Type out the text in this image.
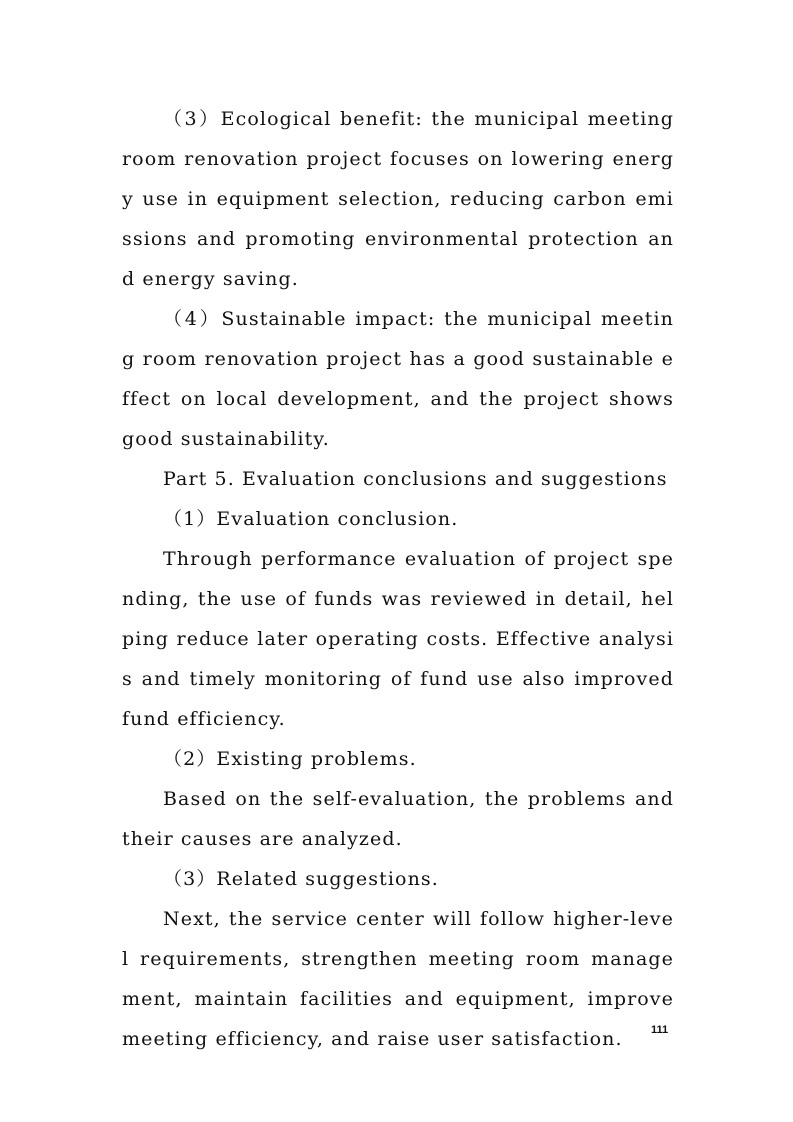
（3）Ecological benefit: the municipal meeting room renovation project focuses on lowering energy use in equipment selection, reducing carbon emissions and promoting environmental protection and energy saving.

（4）Sustainable impact: the municipal meeting room renovation project has a good sustainable effect on local development, and the project shows good sustainability.

Part 5. Evaluation conclusions and suggestions

（1）Evaluation conclusion.

Through performance evaluation of project spending, the use of funds was reviewed in detail, helping reduce later operating costs. Effective analysis and timely monitoring of fund use also improved fund efficiency.

（2）Existing problems.

Based on the self-evaluation, the problems and their causes are analyzed.

（3）Related suggestions.

Next, the service center will follow higher-level requirements, strengthen meeting room management, maintain facilities and equipment, improve meeting efficiency, and raise user satisfaction.	111
